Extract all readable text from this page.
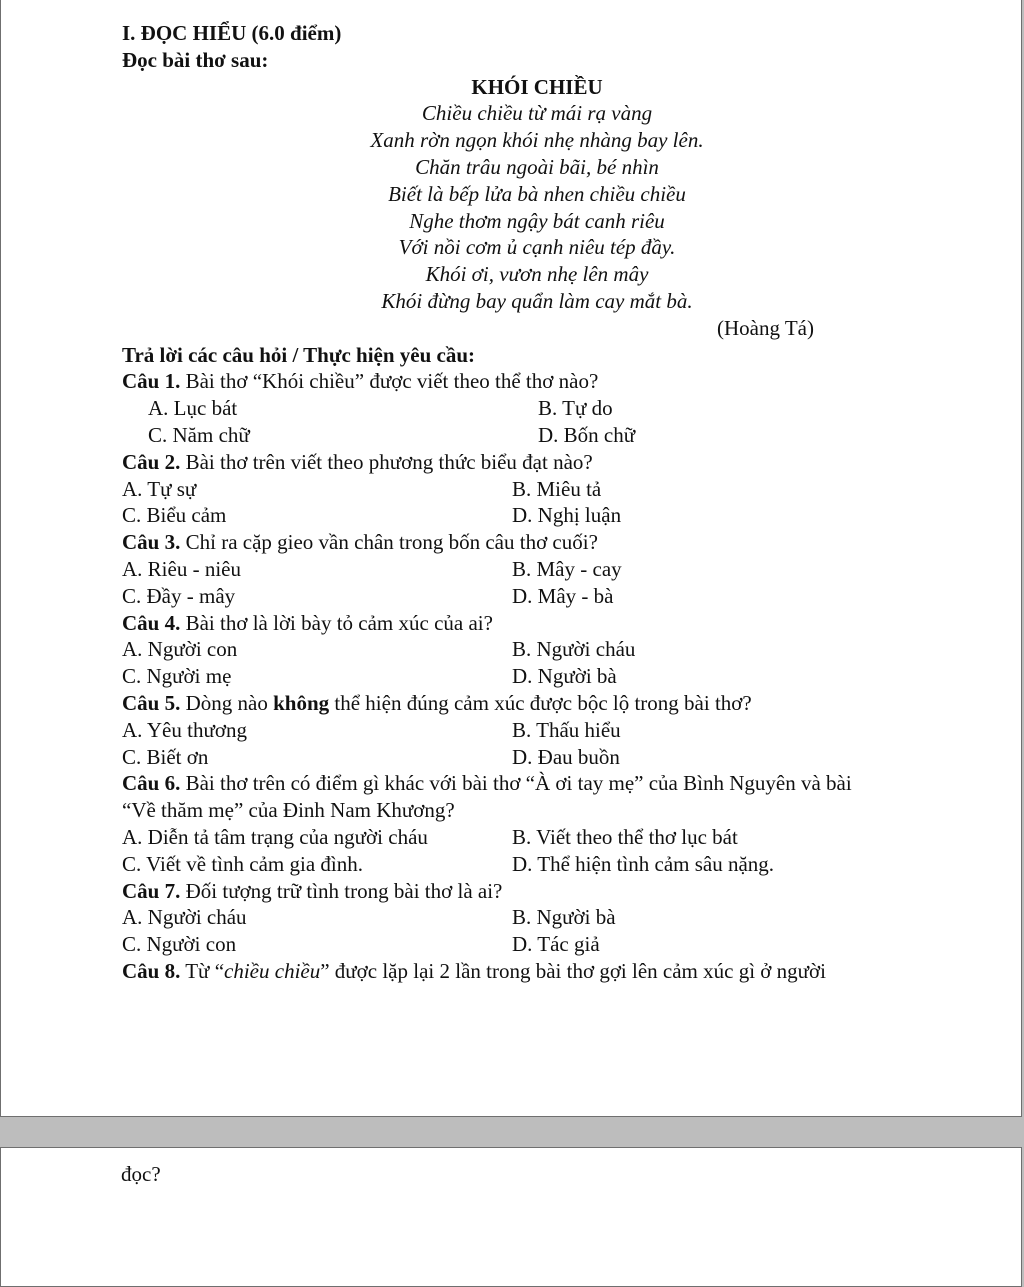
I. ĐỌC HIỂU (6.0 điểm)
Đọc bài thơ sau:
KHÓI CHIỀU
Chiều chiều từ mái rạ vàng
Xanh rờn ngọn khói nhẹ nhàng bay lên.
Chăn trâu ngoài bãi, bé nhìn
Biết là bếp lửa bà nhen chiều chiều
Nghe thơm ngậy bát canh riêu
Với nồi cơm ủ cạnh niêu tép đầy.
Khói ơi, vươn nhẹ lên mây
Khói đừng bay quẩn làm cay mắt bà.
(Hoàng Tá)
Trả lời các câu hỏi / Thực hiện yêu cầu:
Câu 1. Bài thơ “Khói chiều” được viết theo thể thơ nào?
A. Lục bát	B. Tự do
C. Năm chữ	D. Bốn chữ
Câu 2. Bài thơ trên viết theo phương thức biểu đạt nào?
A. Tự sự	B. Miêu tả
C. Biểu cảm	D. Nghị luận
Câu 3. Chỉ ra cặp gieo vần chân trong bốn câu thơ cuối?
A. Riêu - niêu	B. Mây - cay
C. Đầy - mây	D. Mây - bà
Câu 4. Bài thơ là lời bày tỏ cảm xúc của ai?
A. Người con	B. Người cháu
C. Người mẹ	D. Người bà
Câu 5. Dòng nào không thể hiện đúng cảm xúc được bộc lộ trong bài thơ?
A. Yêu thương	B. Thấu hiểu
C. Biết ơn	D. Đau buồn
Câu 6. Bài thơ trên có điểm gì khác với bài thơ “À ơi tay mẹ” của Bình Nguyên và bài
“Về thăm mẹ” của Đinh Nam Khương?
A. Diễn tả tâm trạng của người cháu	B. Viết theo thể thơ lục bát
C. Viết về tình cảm gia đình.	D. Thể hiện tình cảm sâu nặng.
Câu 7. Đối tượng trữ tình trong bài thơ là ai?
A. Người cháu	B. Người bà
C. Người con	D. Tác giả
Câu 8. Từ “chiều chiều” được lặp lại 2 lần trong bài thơ gợi lên cảm xúc gì ở người
đọc?
